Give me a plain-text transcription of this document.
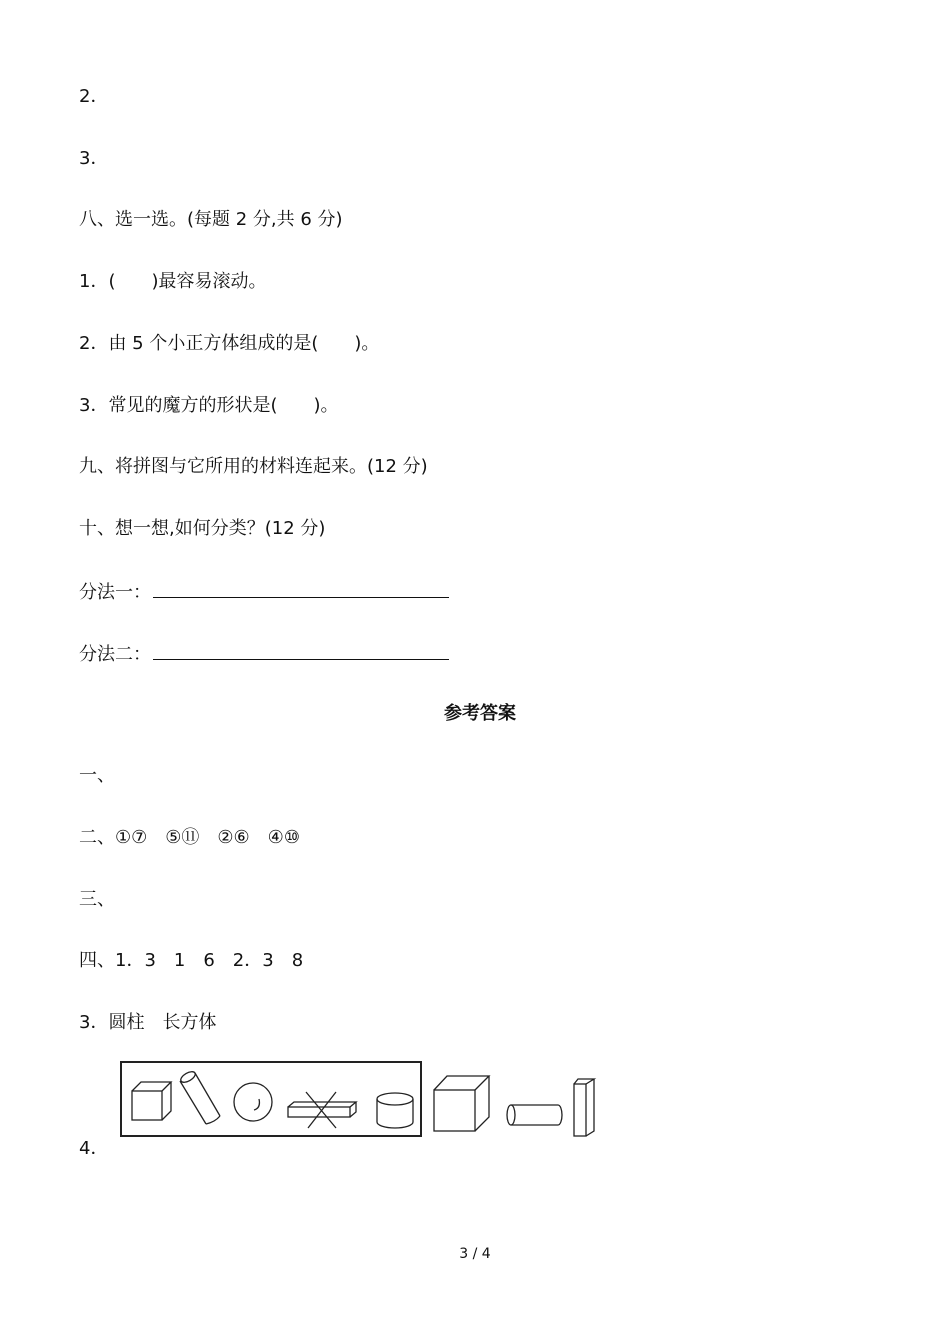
2．
3．
八、选一选。(每题 2 分,共 6 分)
1．(　　)最容易滚动。
2．由 5 个小正方体组成的是(　　)。
3．常见的魔方的形状是(　　)。
九、将拼图与它所用的材料连起来。(12 分)
十、想一想,如何分类？(12 分)
分法一：
分法二：
参考答案
一、
二、①⑦　⑤⑪　②⑥　④⑩
三、
四、1．3　1　6　2．3　8
3．圆柱　长方体
4．
3 / 4
